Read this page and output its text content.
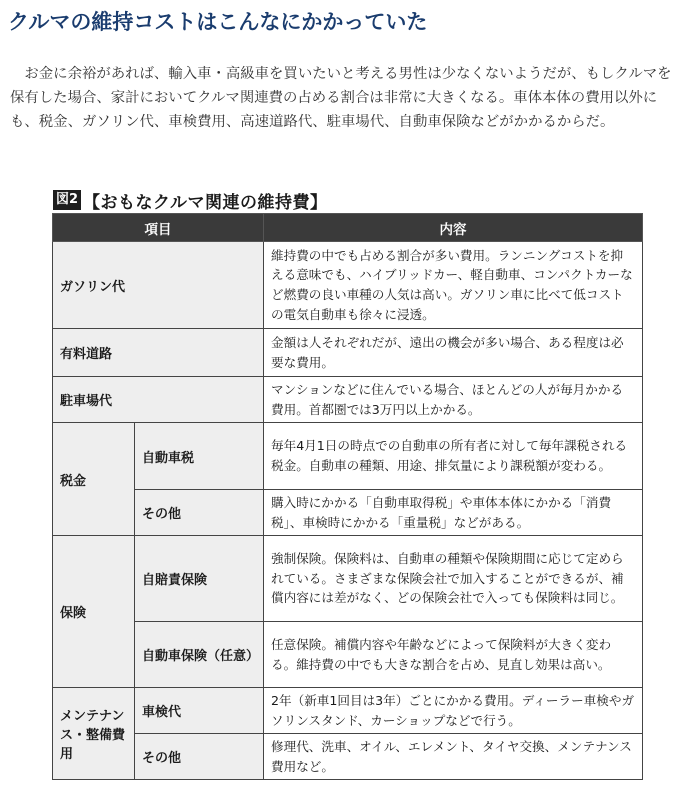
クルマの維持コストはこんなにかかっていた

お金に余裕があれば、輸入車・高級車を買いたいと考える男性は少なくないようだが、もしクルマを保有した場合、家計においてクルマ関連費の占める割合は非常に大きくなる。車体本体の費用以外にも、税金、ガソリン代、車検費用、高速道路代、駐車場代、自動車保険などがかかるからだ。

図2 【おもなクルマ関連の維持費】
項目		内容
ガソリン代		維持費の中でも占める割合が多い費用。ランニングコストを抑える意味でも、ハイブリッドカー、軽自動車、コンパクトカーなど燃費の良い車種の人気は高い。ガソリン車に比べて低コストの電気自動車も徐々に浸透。
有料道路		金額は人それぞれだが、遠出の機会が多い場合、ある程度は必要な費用。
駐車場代		マンションなどに住んでいる場合、ほとんどの人が毎月かかる費用。首都圏では3万円以上かかる。
税金	自動車税	毎年4月1日の時点での自動車の所有者に対して毎年課税される税金。自動車の種類、用途、排気量により課税額が変わる。
	その他	購入時にかかる「自動車取得税」や車体本体にかかる「消費税」、車検時にかかる「重量税」などがある。
保険	自賠責保険	強制保険。保険料は、自動車の種類や保険期間に応じて定められている。さまざまな保険会社で加入することができるが、補償内容には差がなく、どの保険会社で入っても保険料は同じ。
	自動車保険（任意）	任意保険。補償内容や年齢などによって保険料が大きく変わる。維持費の中でも大きな割合を占め、見直し効果は高い。
メンテナンス・整備費用	車検代	2年（新車1回目は3年）ごとにかかる費用。ディーラー車検やガソリンスタンド、カーショップなどで行う。
	その他	修理代、洗車、オイル、エレメント、タイヤ交換、メンテナンス費用など。
